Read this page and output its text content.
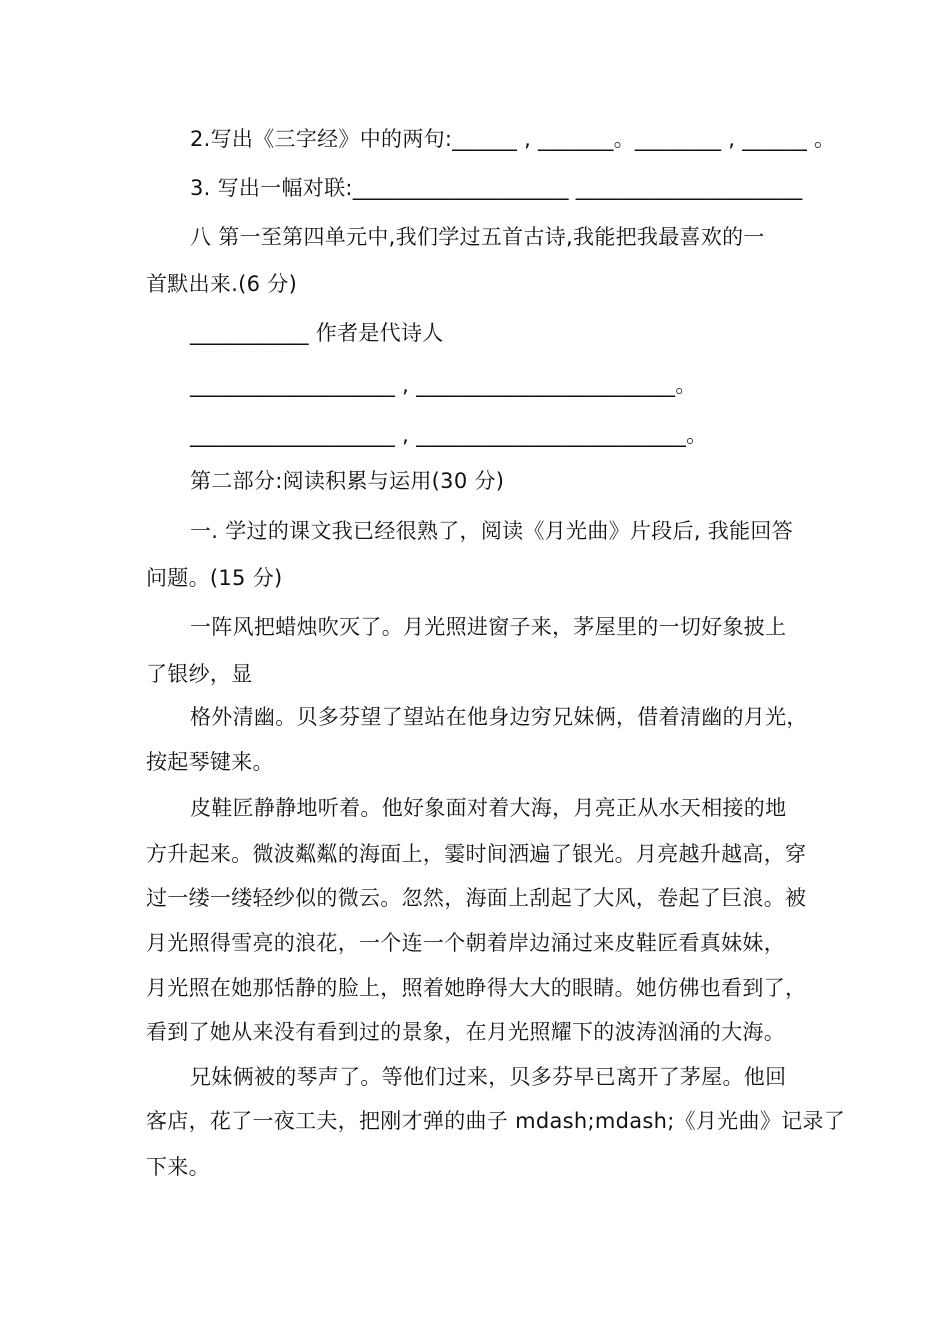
2.写出《三字经》中的两句:______ , _______。________ , ______ 。
3. 写出一幅对联:____________________ _____________________
八 第一至第四单元中,我们学过五首古诗,我能把我最喜欢的一
首默出来.(6 分)
___________ 作者是代诗人
___________________ , ________________________。
___________________ , _________________________。
第二部分:阅读积累与运用(30 分)
一. 学过的课文我已经很熟了，阅读《月光曲》片段后, 我能回答
问题。(15 分)
一阵风把蜡烛吹灭了。月光照进窗子来，茅屋里的一切好象披上
了银纱，显
格外清幽。贝多芬望了望站在他身边穷兄妹俩，借着清幽的月光，
按起琴键来。
皮鞋匠静静地听着。他好象面对着大海，月亮正从水天相接的地
方升起来。微波粼粼的海面上，霎时间洒遍了银光。月亮越升越高，穿
过一缕一缕轻纱似的微云。忽然，海面上刮起了大风，卷起了巨浪。被
月光照得雪亮的浪花，一个连一个朝着岸边涌过来皮鞋匠看真妹妹，
月光照在她那恬静的脸上，照着她睁得大大的眼睛。她仿佛也看到了，
看到了她从来没有看到过的景象，在月光照耀下的波涛汹涌的大海。
兄妹俩被的琴声了。等他们过来，贝多芬早已离开了茅屋。他回
客店，花了一夜工夫，把刚才弹的曲子 mdash;mdash;《月光曲》记录了
下来。
